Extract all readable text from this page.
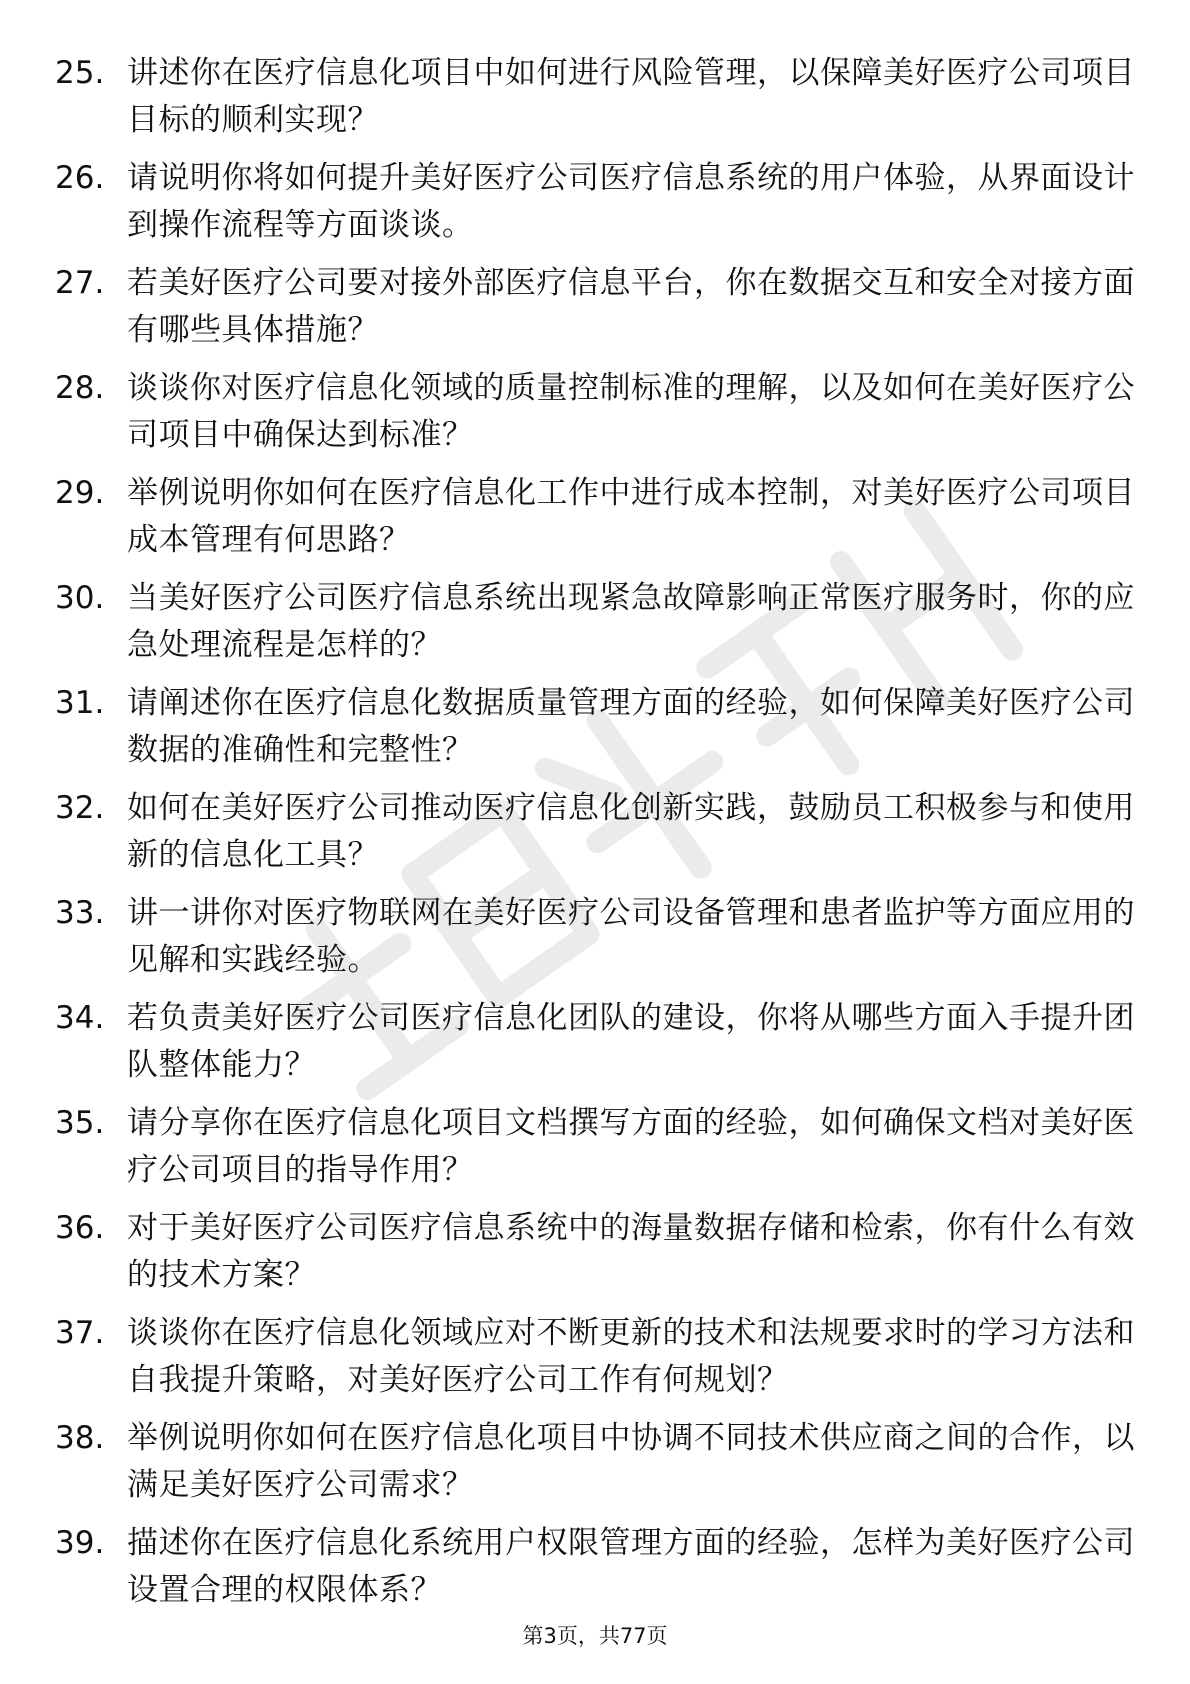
25. 讲述你在医疗信息化项目中如何进行风险管理，以保障美好医疗公司项目目标的顺利实现？
26. 请说明你将如何提升美好医疗公司医疗信息系统的用户体验，从界面设计到操作流程等方面谈谈。
27. 若美好医疗公司要对接外部医疗信息平台，你在数据交互和安全对接方面有哪些具体措施？
28. 谈谈你对医疗信息化领域的质量控制标准的理解，以及如何在美好医疗公司项目中确保达到标准？
29. 举例说明你如何在医疗信息化工作中进行成本控制，对美好医疗公司项目成本管理有何思路？
30. 当美好医疗公司医疗信息系统出现紧急故障影响正常医疗服务时，你的应急处理流程是怎样的？
31. 请阐述你在医疗信息化数据质量管理方面的经验，如何保障美好医疗公司数据的准确性和完整性？
32. 如何在美好医疗公司推动医疗信息化创新实践，鼓励员工积极参与和使用新的信息化工具？
33. 讲一讲你对医疗物联网在美好医疗公司设备管理和患者监护等方面应用的见解和实践经验。
34. 若负责美好医疗公司医疗信息化团队的建设，你将从哪些方面入手提升团队整体能力？
35. 请分享你在医疗信息化项目文档撰写方面的经验，如何确保文档对美好医疗公司项目的指导作用？
36. 对于美好医疗公司医疗信息系统中的海量数据存储和检索，你有什么有效的技术方案？
37. 谈谈你在医疗信息化领域应对不断更新的技术和法规要求时的学习方法和自我提升策略，对美好医疗公司工作有何规划？
38. 举例说明你如何在医疗信息化项目中协调不同技术供应商之间的合作，以满足美好医疗公司需求？
39. 描述你在医疗信息化系统用户权限管理方面的经验，怎样为美好医疗公司设置合理的权限体系？
第3页，共77页
